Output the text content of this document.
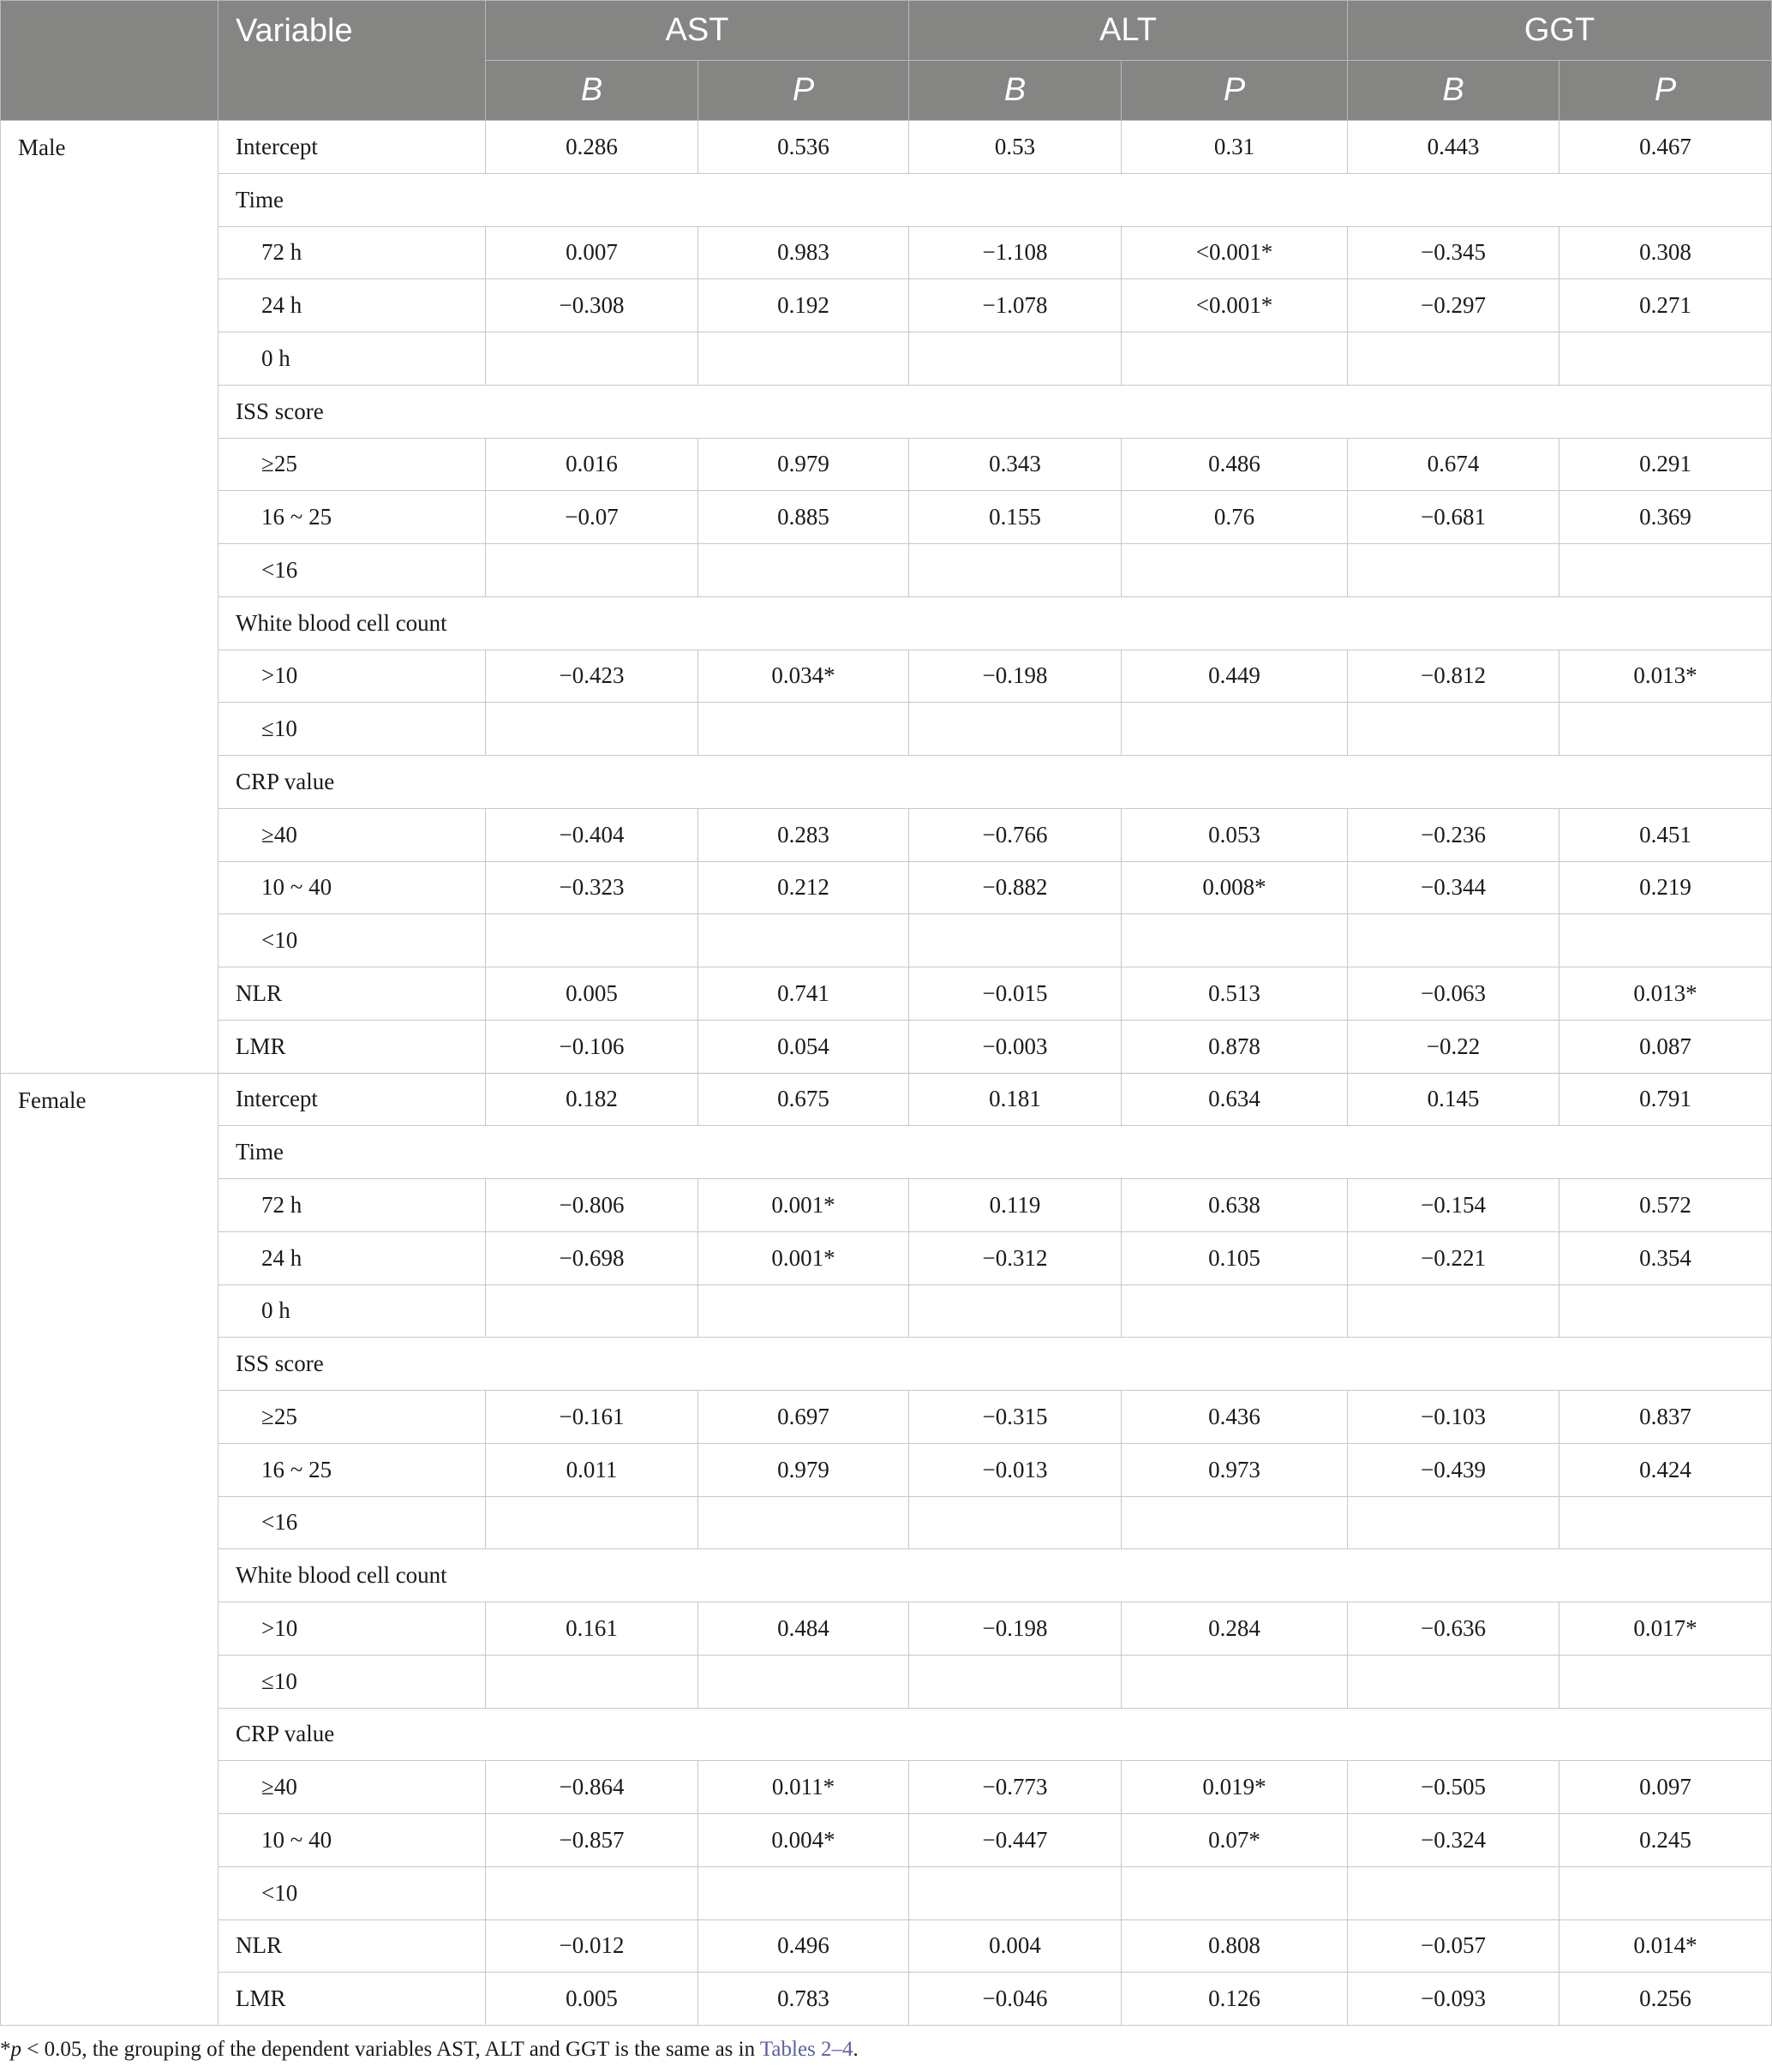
	Variable	AST		ALT		GGT	
		B	P	B	P	B	P
Male	Intercept	0.286	0.536	0.53	0.31	0.443	0.467
	Time						
	72 h	0.007	0.983	−1.108	<0.001*	−0.345	0.308
	24 h	−0.308	0.192	−1.078	<0.001*	−0.297	0.271
	0 h						
	ISS score						
	≥25	0.016	0.979	0.343	0.486	0.674	0.291
	16 ~ 25	−0.07	0.885	0.155	0.76	−0.681	0.369
	<16						
	White blood cell count						
	>10	−0.423	0.034*	−0.198	0.449	−0.812	0.013*
	≤10						
	CRP value						
	≥40	−0.404	0.283	−0.766	0.053	−0.236	0.451
	10 ~ 40	−0.323	0.212	−0.882	0.008*	−0.344	0.219
	<10						
	NLR	0.005	0.741	−0.015	0.513	−0.063	0.013*
	LMR	−0.106	0.054	−0.003	0.878	−0.22	0.087
Female	Intercept	0.182	0.675	0.181	0.634	0.145	0.791
	Time						
	72 h	−0.806	0.001*	0.119	0.638	−0.154	0.572
	24 h	−0.698	0.001*	−0.312	0.105	−0.221	0.354
	0 h						
	ISS score						
	≥25	−0.161	0.697	−0.315	0.436	−0.103	0.837
	16 ~ 25	0.011	0.979	−0.013	0.973	−0.439	0.424
	<16						
	White blood cell count						
	>10	0.161	0.484	−0.198	0.284	−0.636	0.017*
	≤10						
	CRP value						
	≥40	−0.864	0.011*	−0.773	0.019*	−0.505	0.097
	10 ~ 40	−0.857	0.004*	−0.447	0.07*	−0.324	0.245
	<10						
	NLR	−0.012	0.496	0.004	0.808	−0.057	0.014*
	LMR	0.005	0.783	−0.046	0.126	−0.093	0.256
*p < 0.05, the grouping of the dependent variables AST, ALT and GGT is the same as in Tables 2–4.
